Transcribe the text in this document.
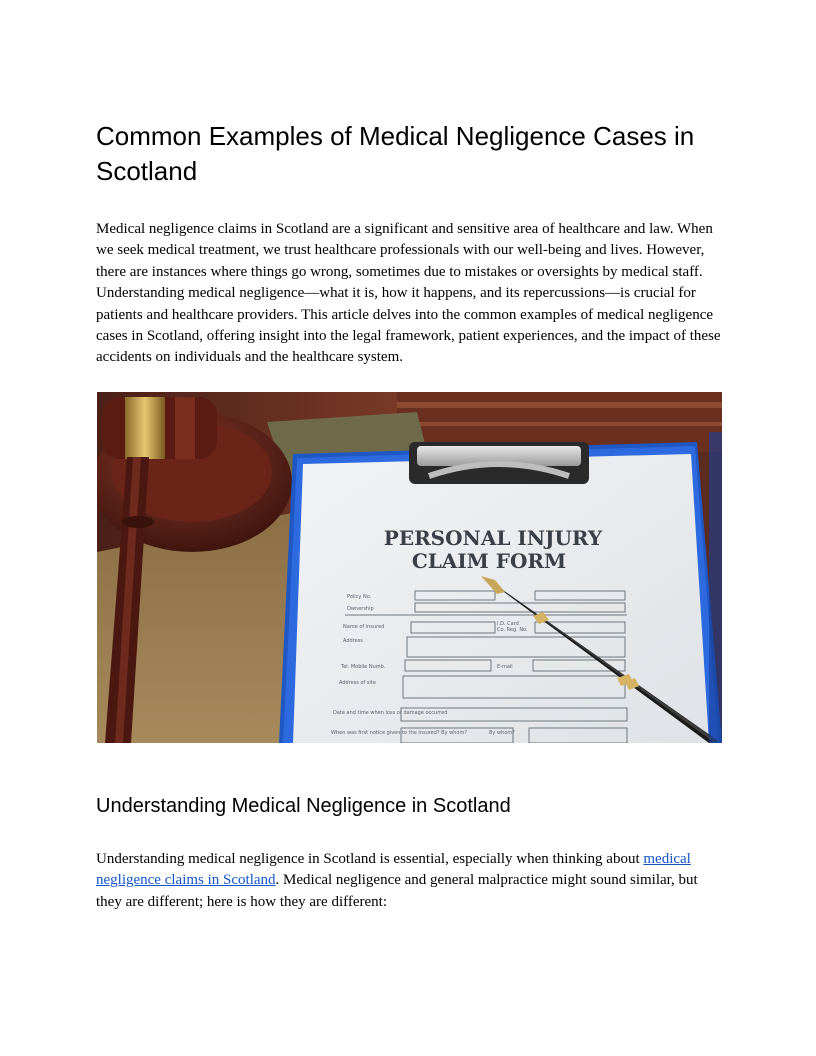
Common Examples of Medical Negligence Cases in Scotland

Medical negligence claims in Scotland are a significant and sensitive area of healthcare and law. When we seek medical treatment, we trust healthcare professionals with our well-being and lives. However, there are instances where things go wrong, sometimes due to mistakes or oversights by medical staff. Understanding medical negligence—what it is, how it happens, and its repercussions—is crucial for patients and healthcare providers. This article delves into the common examples of medical negligence cases in Scotland, offering insight into the legal framework, patient experiences, and the impact of these accidents on individuals and the healthcare system.

PERSONAL INJURY
CLAIM FORM
Policy No.
Ownership
Name of insured
Address
Tel. Mobile Numb.	E-mail
Address of site
I.D. Card
Co. Reg. No.
Date and time when loss or damage occurred
When was first notice given to the insured? By whom?	By whom?
Understanding Medical Negligence in Scotland

Understanding medical negligence in Scotland is essential, especially when thinking about medical negligence claims in Scotland. Medical negligence and general malpractice might sound similar, but they are different; here is how they are different:
